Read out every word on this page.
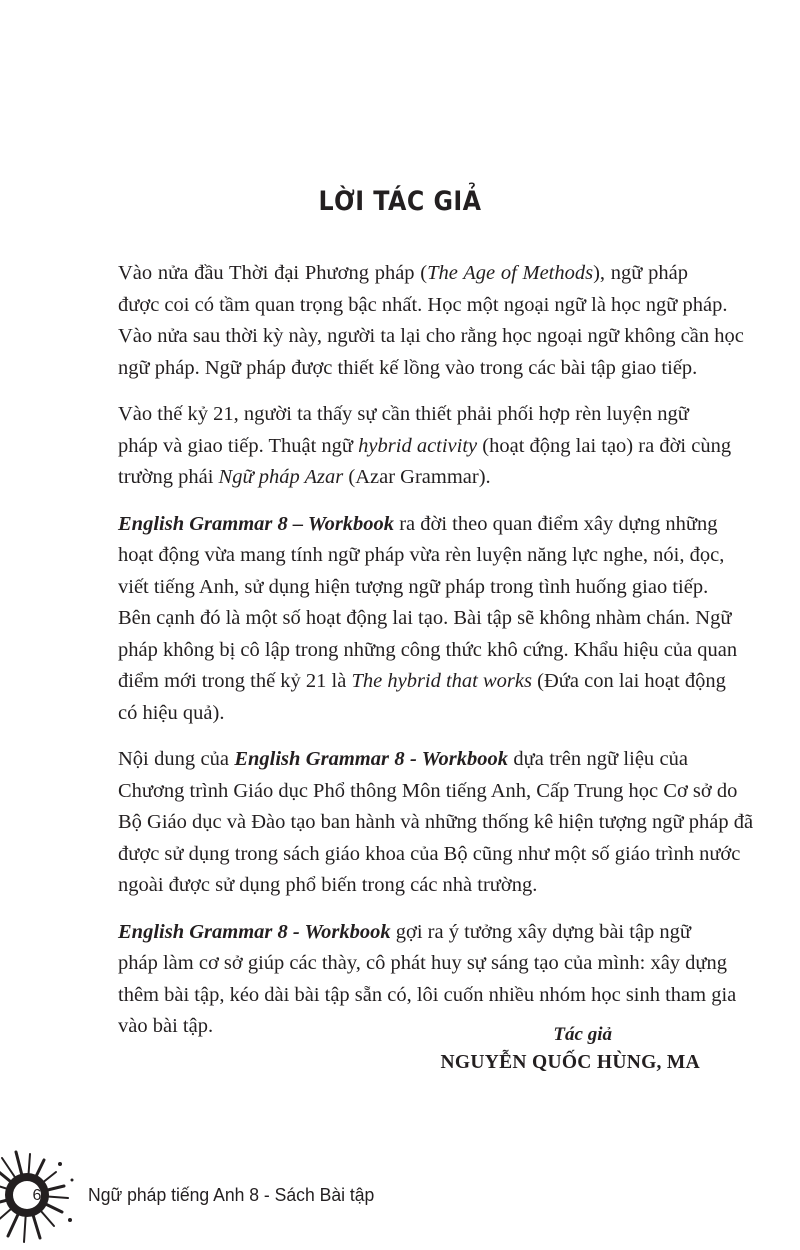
LỜI TÁC GIẢ

Vào nửa đầu Thời đại Phương pháp (The Age of Methods), ngữ pháp
được coi có tầm quan trọng bậc nhất. Học một ngoại ngữ là học ngữ pháp.
Vào nửa sau thời kỳ này, người ta lại cho rằng học ngoại ngữ không cần học
ngữ pháp. Ngữ pháp được thiết kế lồng vào trong các bài tập giao tiếp.

Vào thế kỷ 21, người ta thấy sự cần thiết phải phối hợp rèn luyện ngữ
pháp và giao tiếp. Thuật ngữ hybrid activity (hoạt động lai tạo) ra đời cùng
trường phái Ngữ pháp Azar (Azar Grammar).

English Grammar 8 – Workbook ra đời theo quan điểm xây dựng những
hoạt động vừa mang tính ngữ pháp vừa rèn luyện năng lực nghe, nói, đọc,
viết tiếng Anh, sử dụng hiện tượng ngữ pháp trong tình huống giao tiếp.
Bên cạnh đó là một số hoạt động lai tạo. Bài tập sẽ không nhàm chán. Ngữ
pháp không bị cô lập trong những công thức khô cứng. Khẩu hiệu của quan
điểm mới trong thế kỷ 21 là The hybrid that works (Đứa con lai hoạt động
có hiệu quả).

Nội dung của English Grammar 8 - Workbook dựa trên ngữ liệu của
Chương trình Giáo dục Phổ thông Môn tiếng Anh, Cấp Trung học Cơ sở do
Bộ Giáo dục và Đào tạo ban hành và những thống kê hiện tượng ngữ pháp đã
được sử dụng trong sách giáo khoa của Bộ cũng như một số giáo trình nước
ngoài được sử dụng phổ biến trong các nhà trường.

English Grammar 8 - Workbook gợi ra ý tưởng xây dựng bài tập ngữ
pháp làm cơ sở giúp các thày, cô phát huy sự sáng tạo của mình: xây dựng
thêm bài tập, kéo dài bài tập sẵn có, lôi cuốn nhiều nhóm học sinh tham gia
vào bài tập.	Tác giả
NGUYỄN QUỐC HÙNG, MA
6	Ngữ pháp tiếng Anh 8 - Sách Bài tập
